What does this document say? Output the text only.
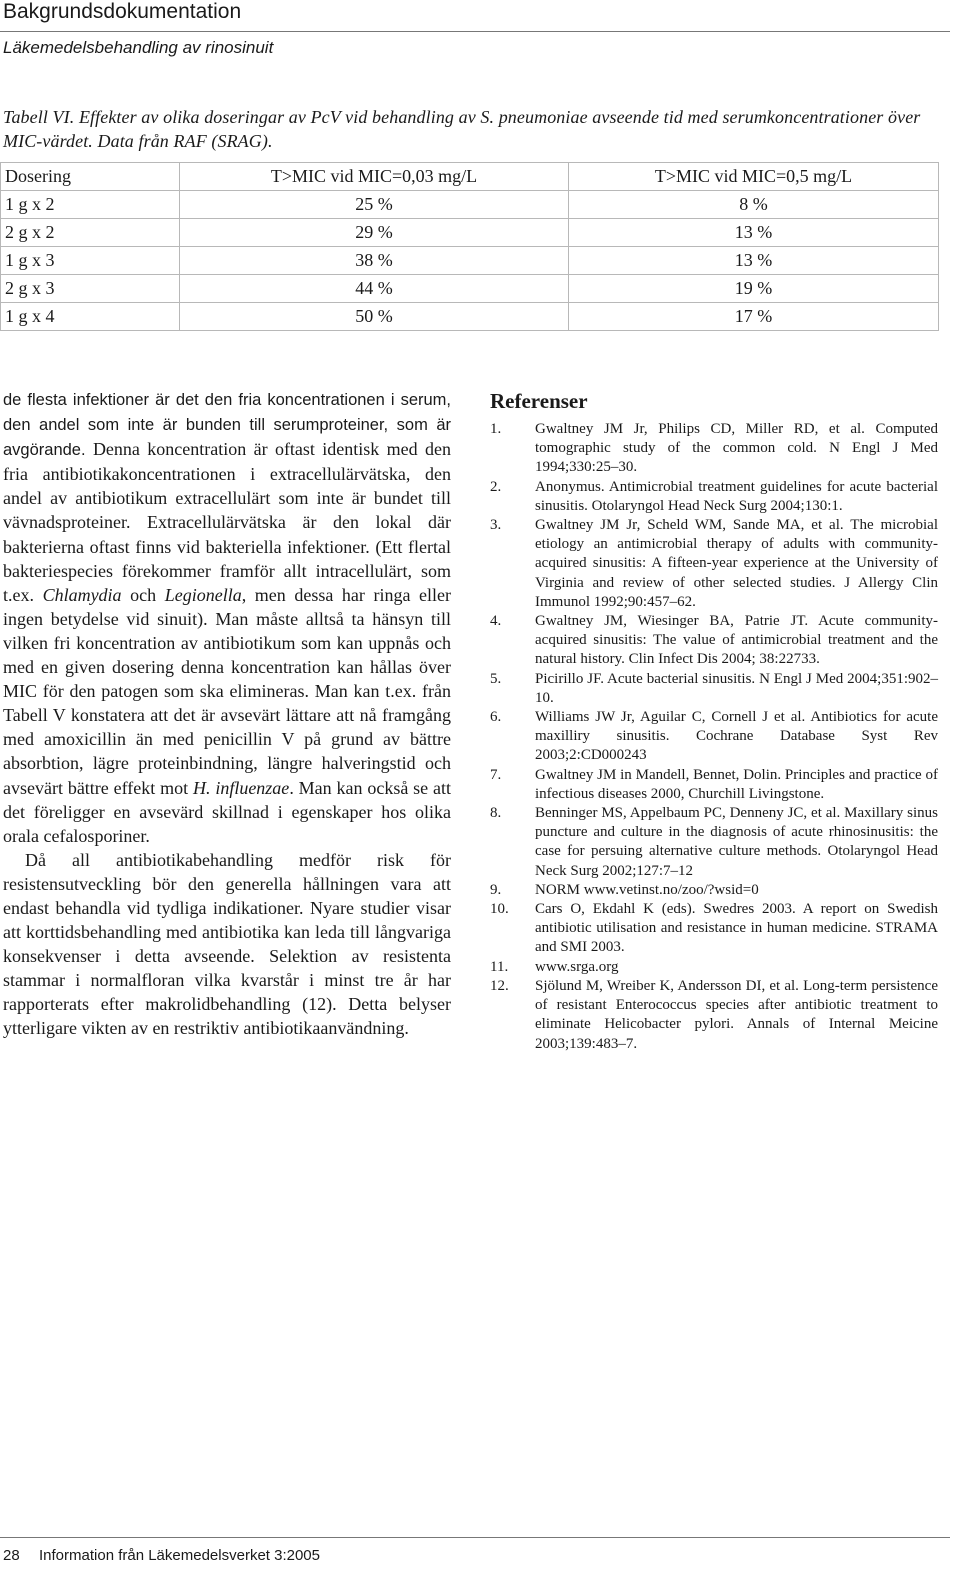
Bakgrundsdokumentation
Läkemedelsbehandling av rinosinuit
Tabell VI. Effekter av olika doseringar av PcV vid behandling av S. pneumoniae avseende tid med serumkoncentrationer över MIC-värdet. Data från RAF (SRAG).
Dosering	T>MIC vid MIC=0,03 mg/L	T>MIC vid MIC=0,5 mg/L
1 g x 2	25 %	8 %
2 g x 2	29 %	13 %
1 g x 3	38 %	13 %
2 g x 3	44 %	19 %
1 g x 4	50 %	17 %

de flesta infektioner är det den fria koncentrationen i serum, den andel som inte är bunden till serumproteiner, som är avgörande. Denna koncentration är oftast identisk med den fria antibiotikakoncentrationen i extracellulärvätska, den andel av antibiotikum extracellulärt som inte är bundet till vävnadsproteiner. Extracellulärvätska är den lokal där bakterierna oftast finns vid bakteriella infektioner. (Ett flertal bakteriespecies förekommer framför allt intracellulärt, som t.ex. Chlamydia och Legionella, men dessa har ringa eller ingen betydelse vid sinuit). Man måste alltså ta hänsyn till vilken fri koncentration av antibiotikum som kan uppnås och med en given dosering denna koncentration kan hållas över MIC för den patogen som ska elimineras. Man kan t.ex. från Tabell V konstatera att det är avsevärt lättare att nå framgång med amoxicillin än med penicillin V på grund av bättre absorbtion, lägre proteinbindning, längre halveringstid och avsevärt bättre effekt mot H. influenzae. Man kan också se att det föreligger en avsevärd skillnad i egenskaper hos olika orala cefalosporiner.

Då all antibiotikabehandling medför risk för resistensutveckling bör den generella hållningen vara att endast behandla vid tydliga indikationer. Nyare studier visar att korttidsbehandling med antibiotika kan leda till långvariga konsekvenser i detta avseende. Selektion av resistenta stammar i normalfloran vilka kvarstår i minst tre år har rapporterats efter makrolidbehandling (12). Detta belyser ytterligare vikten av en restriktiv antibiotikaanvändning.

Referenser
1. Gwaltney JM Jr, Philips CD, Miller RD, et al. Computed tomographic study of the common cold. N Engl J Med 1994;330:25–30.
2. Anonymus. Antimicrobial treatment guidelines for acute bacterial sinusitis. Otolaryngol Head Neck Surg 2004;130:1.
3. Gwaltney JM Jr, Scheld WM, Sande MA, et al. The microbial etiology an antimicrobial therapy of adults with community-acquired sinusitis: A fifteen-year experience at the University of Virginia and review of other selected studies. J Allergy Clin Immunol 1992;90:457–62.
4. Gwaltney JM, Wiesinger BA, Patrie JT. Acute community-acquired sinusitis: The value of antimicrobial treatment and the natural history. Clin Infect Dis 2004; 38:22733.
5. Picirillo JF. Acute bacterial sinusitis. N Engl J Med 2004;351:902–10.
6. Williams JW Jr, Aguilar C, Cornell J et al. Antibiotics for acute maxilliry sinusitis. Cochrane Database Syst Rev 2003;2:CD000243
7. Gwaltney JM in Mandell, Bennet, Dolin. Principles and practice of infectious diseases 2000, Churchill Livingstone.
8. Benninger MS, Appelbaum PC, Denneny JC, et al. Maxillary sinus puncture and culture in the diagnosis of acute rhinosinusitis: the case for persuing alternative culture methods. Otolaryngol Head Neck Surg 2002;127:7–12
9. NORM www.vetinst.no/zoo/?wsid=0
10. Cars O, Ekdahl K (eds). Swedres 2003. A report on Swedish antibiotic utilisation and resistance in human medicine. STRAMA and SMI 2003.
11. www.srga.org
12. Sjölund M, Wreiber K, Andersson DI, et al. Long-term persistence of resistant Enterococcus species after antibiotic treatment to eliminate Helicobacter pylori. Annals of Internal Meicine 2003;139:483–7.
28 Information från Läkemedelsverket 3:2005
